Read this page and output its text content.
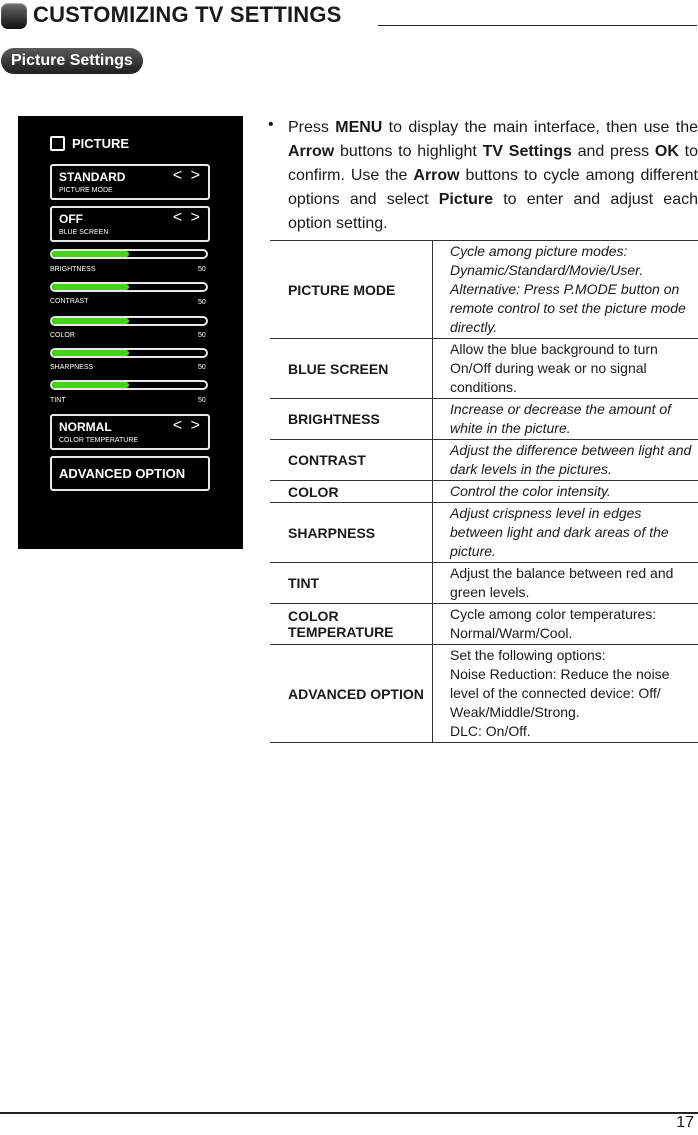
CUSTOMIZING TV SETTINGS
Picture Settings
PICTURE
STANDARD
PICTURE MODE
< >
OFF
BLUE SCREEN
< >
BRIGHTNESS	50
CONTRAST	50
COLOR	50
SHARPNESS	50
TINT	50
NORMAL
COLOR TEMPERATURE
< >
ADVANCED OPTION
• Press MENU to display the main interface, then use the Arrow buttons to highlight TV Settings and press OK to confirm. Use the Arrow buttons to cycle among different options and select Picture to enter and adjust each option setting.
PICTURE MODE	Cycle among picture modes: Dynamic/Standard/Movie/User. Alternative: Press P.MODE button on remote control to set the picture mode directly.
BLUE SCREEN	Allow the blue background to turn On/Off during weak or no signal conditions.
BRIGHTNESS	Increase or decrease the amount of white in the picture.
CONTRAST	Adjust the difference between light and dark levels in the pictures.
COLOR	Control the color intensity.
SHARPNESS	Adjust crispness level in edges between light and dark areas of the picture.
TINT	Adjust the balance between red and green levels.
COLOR TEMPERATURE	Cycle among color temperatures: Normal/Warm/Cool.
ADVANCED OPTION	Set the following options:
Noise Reduction: Reduce the noise level of the connected device: Off/ Weak/Middle/Strong.
DLC: On/Off.
17
